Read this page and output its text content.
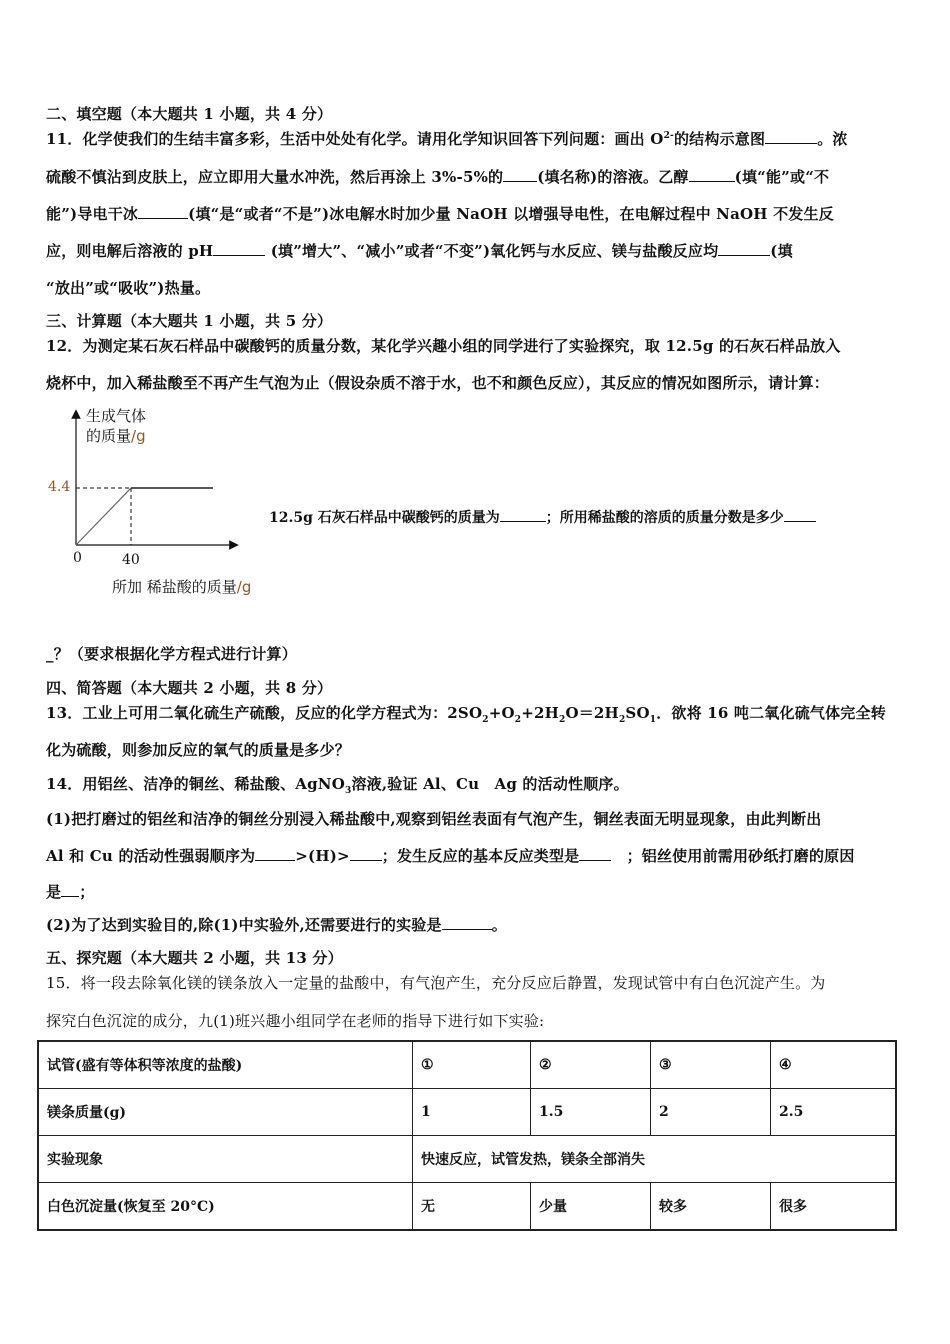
二、填空题（本大题共 1 小题，共 4 分）
11．化学使我们的生结丰富多彩，生活中处处有化学。请用化学知识回答下列问题：画出 $O^{2-}$的结构示意图	。浓
硫酸不慎沾到皮肤上，应立即用大量水冲洗，然后再涂上 3%-5%的 (填名称)的溶液。乙醇	(填“能”或“不
能”)导电干冰	(填“是“或者“不是”)冰电解水时加少量 NaOH 以增强导电性，在电解过程中 NaOH 不发生反
应，则电解后溶液的 pH	(填”增大”、“减小”或者“不变”)氧化钙与水反应、镁与盐酸反应均	(填
“放出”或“吸收”)热量。
三、计算题（本大题共 1 小题，共 5 分）
12．为测定某石灰石样品中碳酸钙的质量分数，某化学兴趣小组的同学进行了实验探究，取 12.5g 的石灰石样品放入
烧杯中，加入稀盐酸至不再产生气泡为止（假设杂质不溶于水，也不和颜色反应），其反应的情况如图所示，请计算：
生成气体
的质量/g
4.4
0	40
所加 稀盐酸的质量/g
12.5g 石灰石样品中碳酸钙的质量为	；所用稀盐酸的溶质的质量分数是多少
_？（要求根据化学方程式进行计算）
四、简答题（本大题共 2 小题，共 8 分）
13．工业上可用二氧化硫生产硫酸，反应的化学方程式为：$2SO_2+O_2+2H_2O=2H_2SO_1$．欲将 16 吨二氧化硫气体完全转
化为硫酸，则参加反应的氧气的质量是多少？
14．用铝丝、洁净的铜丝、稀盐酸、AgNO$_3$溶液,验证 Al、Cu　Ag 的活动性顺序。
(1)把打磨过的铝丝和洁净的铜丝分别浸入稀盐酸中,观察到铝丝表面有气泡产生，铜丝表面无明显现象，由此判断出
Al 和 Cu 的活动性强弱顺序为	>(H)> ；发生反应的基本反应类型是　；铝丝使用前需用砂纸打磨的原因
是 ；
(2)为了达到实验目的,除(1)中实验外,还需要进行的实验是	。
五、探究题（本大题共 2 小题，共 13 分）
15．将一段去除氧化镁的镁条放入一定量的盐酸中，有气泡产生，充分反应后静置，发现试管中有白色沉淀产生。为
探究白色沉淀的成分，九(1)班兴趣小组同学在老师的指导下进行如下实验:
试管(盛有等体积等浓度的盐酸)	①	②	③	④
镁条质量(g)	1	1.5	2	2.5
实验现象	快速反应，试管发热，镁条全部消失			
白色沉淀量(恢复至 20°C)	无	少量	较多	很多
